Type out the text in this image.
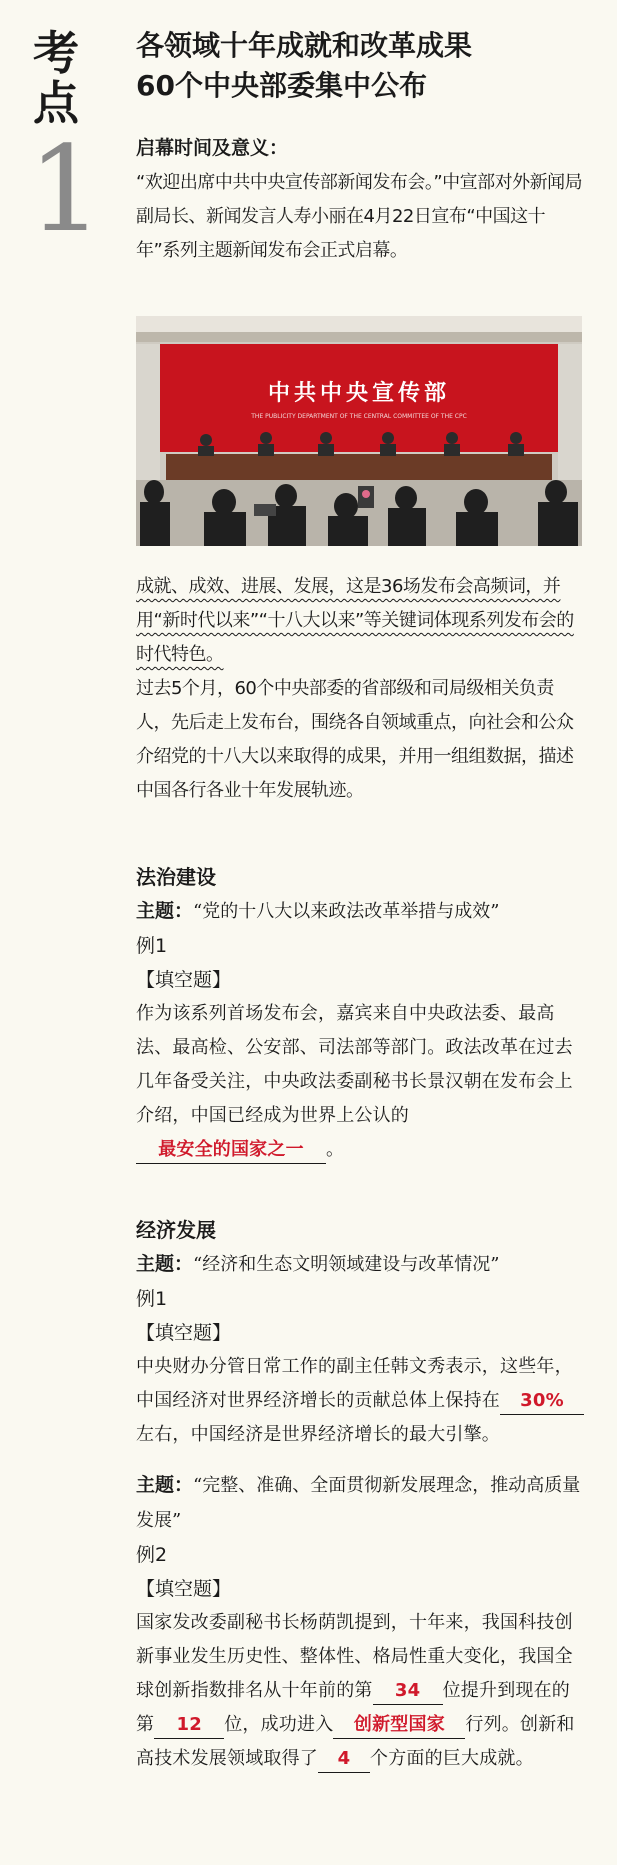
考点
1
各领域十年成就和改革成果
60个中央部委集中公布
启幕时间及意义：
“欢迎出席中共中央宣传部新闻发布会。”中宣部对外新闻局副局长、新闻发言人寿小丽在4月22日宣布“中国这十年”系列主题新闻发布会正式启幕。
中共中央宣传部
THE PUBLICITY DEPARTMENT OF THE CENTRAL COMMITTEE OF THE CPC
成就、成效、进展、发展，这是36场发布会高频词，并用“新时代以来”“十八大以来”等关键词体现系列发布会的时代特色。
过去5个月，60个中央部委的省部级和司局级相关负责人，先后走上发布台，围绕各自领域重点，向社会和公众介绍党的十八大以来取得的成果，并用一组组数据，描述中国各行各业十年发展轨迹。
法治建设
主题：“党的十八大以来政法改革举措与成效”
例1
【填空题】
作为该系列首场发布会，嘉宾来自中央政法委、最高法、最高检、公安部、司法部等部门。政法改革在过去几年备受关注，中央政法委副秘书长景汉朝在发布会上介绍，中国已经成为世界上公认的最安全的国家之一 。
经济发展
主题：“经济和生态文明领域建设与改革情况”
例1
【填空题】
中央财办分管日常工作的副主任韩文秀表示，这些年，中国经济对世界经济增长的贡献总体上保持在 30%左右，中国经济是世界经济增长的最大引擎。
主题：“完整、准确、全面贯彻新发展理念，推动高质量发展”
例2
【填空题】
国家发改委副秘书长杨荫凯提到，十年来，我国科技创新事业发生历史性、整体性、格局性重大变化，我国全球创新指数排名从十年前的第 34 位提升到现在的第 12 位，成功进入 创新型国家 行列。创新和高技术发展领域取得了 4 个方面的巨大成就。
